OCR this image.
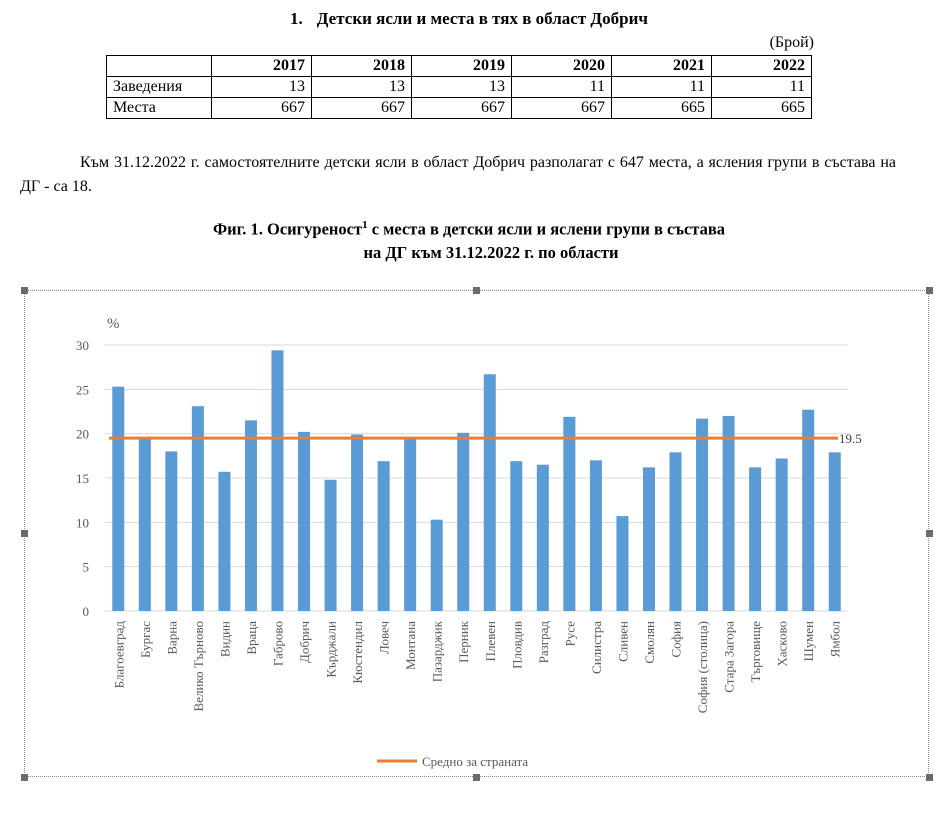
1. Детски ясли и места в тях в област Добрич
(Брой)
	2017	2018	2019	2020	2021	2022
Заведения	13	13	13	11	11	11
Места	667	667	667	667	665	665
Към 31.12.2022 г. самостоятелните детски ясли в област Добрич разполагат с 647 места, а ясления групи в състава на ДГ - са 18.
Фиг. 1. Осигуреност$^1$ с места в детски ясли и яслени групи в състава
на ДГ към 31.12.2022 г. по области
%
0
5
10
15
20
25
30
Благоевград Бургас Варна Велико Търново Видин Враца Габрово Добрич Кърджали Кюстендил Ловеч Монтана Пазарджик Перник Плевен Пловдив Разград Русе Силистра Сливен Смолян София София (столица) Стара Загора Търговище Хасково Шумен Ямбол
19.5
Средно за страната
